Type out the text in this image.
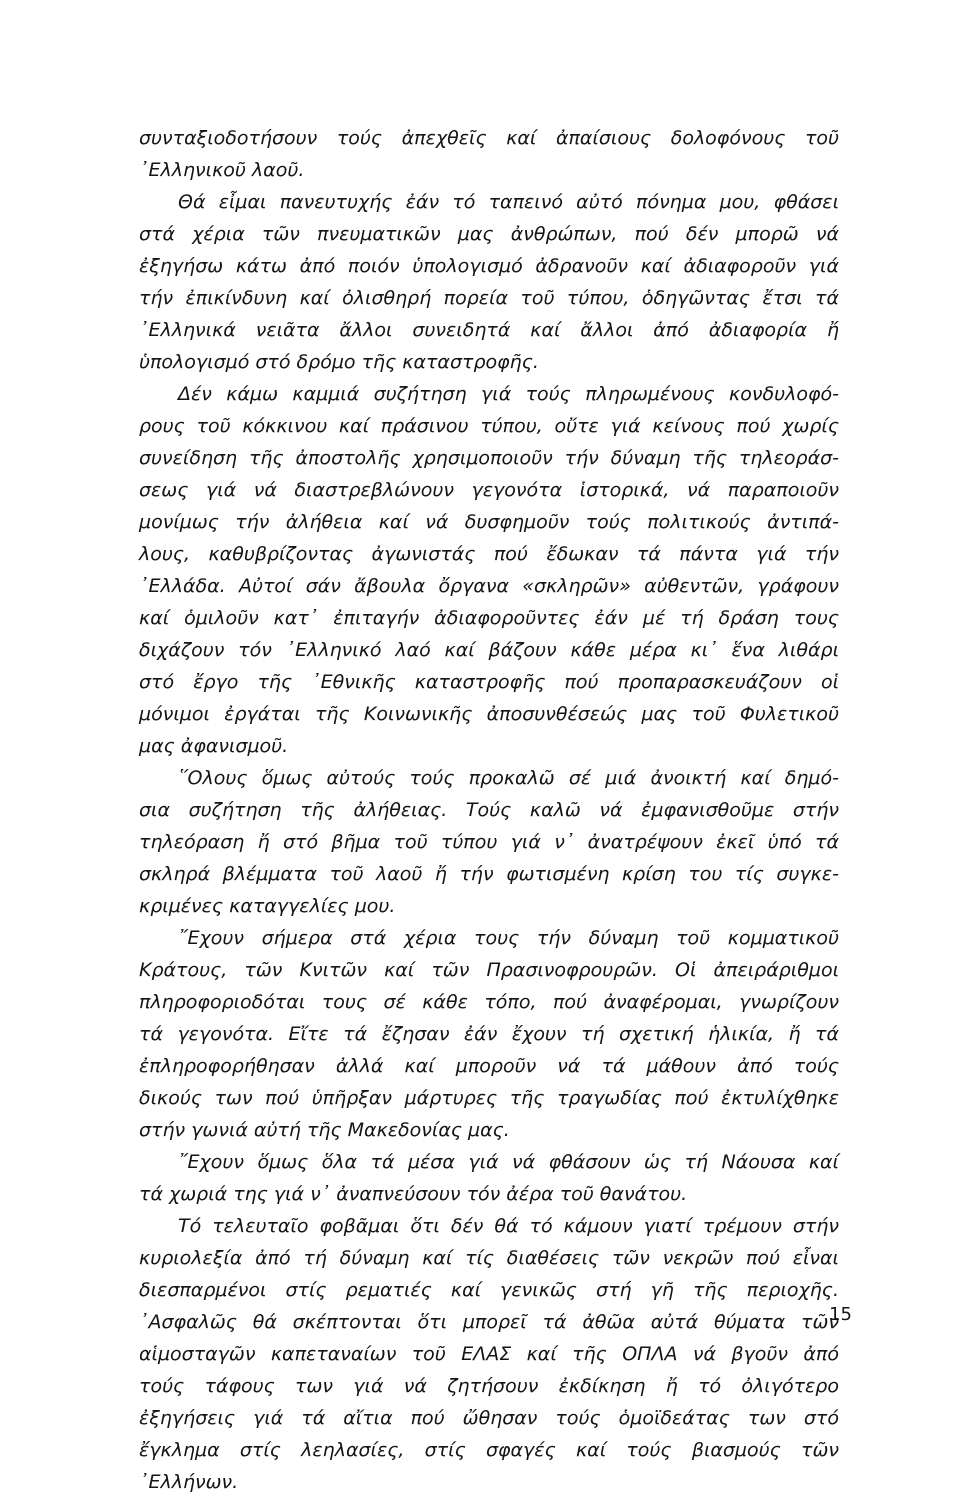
συνταξιοδοτήσουν τούς ἀπεχθεῖς καί ἀπαίσιους δολοφόνους τοῦ
᾿Ελληνικοῦ λαοῦ.
Θά εἶμαι πανευτυχής ἐάν τό ταπεινό αὐτό πόνημα μου, φθάσει
στά χέρια τῶν πνευματικῶν μας ἀνθρώπων, πού δέν μπορῶ νά
ἐξηγήσω κάτω ἀπό ποιόν ὑπολογισμό ἀδρανοῦν καί ἀδιαφοροῦν γιά
τήν ἐπικίνδυνη καί ὀλισθηρή πορεία τοῦ τύπου, ὁδηγῶντας ἔτσι τά
᾿Ελληνικά νειᾶτα ἄλλοι συνειδητά καί ἄλλοι ἀπό ἀδιαφορία ἤ
ὑπολογισμό στό δρόμο τῆς καταστροφῆς.
Δέν κάμω καμμιά συζήτηση γιά τούς πληρωμένους κονδυλοφό-
ρους τοῦ κόκκινου καί πράσινου τύπου, οὔτε γιά κείνους πού χωρίς
συνείδηση τῆς ἀποστολῆς χρησιμοποιοῦν τήν δύναμη τῆς τηλεοράσ-
σεως γιά νά διαστρεβλώνουν γεγονότα ἱστορικά, νά παραποιοῦν
μονίμως τήν ἀλήθεια καί νά δυσφημοῦν τούς πολιτικούς ἀντιπά-
λους, καθυβρίζοντας ἀγωνιστάς πού ἔδωκαν τά πάντα γιά τήν
᾿Ελλάδα. Αὐτοί σάν ἄβουλα ὄργανα «σκληρῶν» αὐθεντῶν, γράφουν
καί ὁμιλοῦν κατ᾿ ἐπιταγήν ἀδιαφοροῦντες ἐάν μέ τή δράση τους
διχάζουν τόν ᾿Ελληνικό λαό καί βάζουν κάθε μέρα κι᾿ ἕνα λιθάρι
στό ἔργο τῆς ᾿Εθνικῆς καταστροφῆς πού προπαρασκευάζουν οἱ
μόνιμοι ἐργάται τῆς Κοινωνικῆς ἀποσυνθέσεώς μας τοῦ Φυλετικοῦ
μας ἀφανισμοῦ.
῞Ολους ὅμως αὐτούς τούς προκαλῶ σέ μιά ἀνοικτή καί δημό-
σια συζήτηση τῆς ἀλήθειας. Τούς καλῶ νά ἐμφανισθοῦμε στήν
τηλεόραση ἤ στό βῆμα τοῦ τύπου γιά ν᾿ ἀνατρέψουν ἐκεῖ ὑπό τά
σκληρά βλέμματα τοῦ λαοῦ ἤ τήν φωτισμένη κρίση του τίς συγκε-
κριμένες καταγγελίες μου.
῎Εχουν σήμερα στά χέρια τους τήν δύναμη τοῦ κομματικοῦ
Κράτους, τῶν Κνιτῶν καί τῶν Πρασινοφρουρῶν. Οἱ ἀπειράριθμοι
πληροφοριοδόται τους σέ κάθε τόπο, πού ἀναφέρομαι, γνωρίζουν
τά γεγονότα. Εἴτε τά ἔζησαν ἐάν ἔχουν τή σχετική ἡλικία, ἤ τά
ἐπληροφορήθησαν ἀλλά καί μποροῦν νά τά μάθουν ἀπό τούς
δικούς των πού ὑπῆρξαν μάρτυρες τῆς τραγωδίας πού ἐκτυλίχθηκε
στήν γωνιά αὐτή τῆς Μακεδονίας μας.
῎Εχουν ὅμως ὅλα τά μέσα γιά νά φθάσουν ὡς τή Νάουσα καί
τά χωριά της γιά ν᾿ ἀναπνεύσουν τόν ἀέρα τοῦ θανάτου.
Τό τελευταῖο φοβᾶμαι ὅτι δέν θά τό κάμουν γιατί τρέμουν στήν
κυριολεξία ἀπό τή δύναμη καί τίς διαθέσεις τῶν νεκρῶν πού εἶναι
διεσπαρμένοι στίς ρεματιές καί γενικῶς στή γῆ τῆς περιοχῆς.
᾿Ασφαλῶς θά σκέπτονται ὅτι μπορεῖ τά ἀθῶα αὐτά θύματα τῶν
αἱμοσταγῶν καπεταναίων τοῦ ΕΛΑΣ καί τῆς ΟΠΛΑ νά βγοῦν ἀπό
τούς τάφους των γιά νά ζητήσουν ἐκδίκηση ἤ τό ὀλιγότερο
ἐξηγήσεις γιά τά αἴτια πού ὤθησαν τούς ὁμοϊδεάτας των στό
ἔγκλημα στίς λεηλασίες, στίς σφαγές καί τούς βιασμούς τῶν
᾿Ελλήνων.
15
